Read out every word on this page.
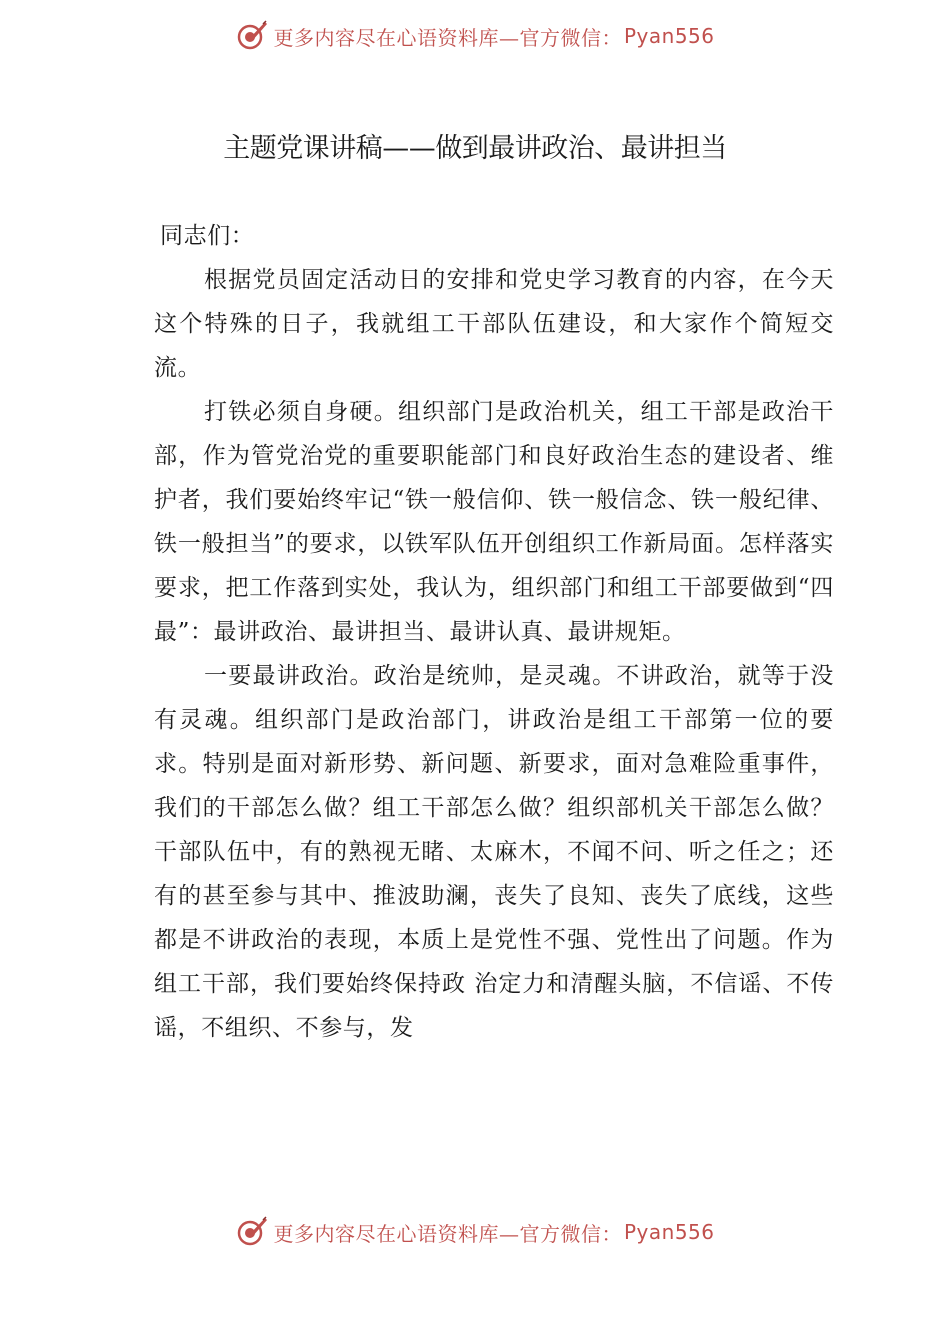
更多内容尽在心语资料库—官方微信： Pyan556
主题党课讲稿——做到最讲政治、最讲担当

同志们：

根据党员固定活动日的安排和党史学习教育的内容，在今天这个特殊的日子，我就组工干部队伍建设，和大家作个简短交流。

打铁必须自身硬。组织部门是政治机关，组工干部是政治干部，作为管党治党的重要职能部门和良好政治生态的建设者、维护者，我们要始终牢记“铁一般信仰、铁一般信念、铁一般纪律、铁一般担当”的要求，以铁军队伍开创组织工作新局面。怎样落实要求，把工作落到实处，我认为，组织部门和组工干部要做到“四最”：最讲政治、最讲担当、最讲认真、最讲规矩。

一要最讲政治。政治是统帅，是灵魂。不讲政治，就等于没有灵魂。组织部门是政治部门，讲政治是组工干部第一位的要求。特别是面对新形势、新问题、新要求，面对急难险重事件，我们的干部怎么做？组工干部怎么做？组织部机关干部怎么做？干部队伍中，有的熟视无睹、太麻木，不闻不问、听之任之；还有的甚至参与其中、推波助澜，丧失了良知、丧失了底线，这些都是不讲政治的表现，本质上是党性不强、党性出了问题。作为组工干部，我们要始终保持政 治定力和清醒头脑，不信谣、不传谣，不组织、不参与，发

更多内容尽在心语资料库—官方微信： Pyan556
